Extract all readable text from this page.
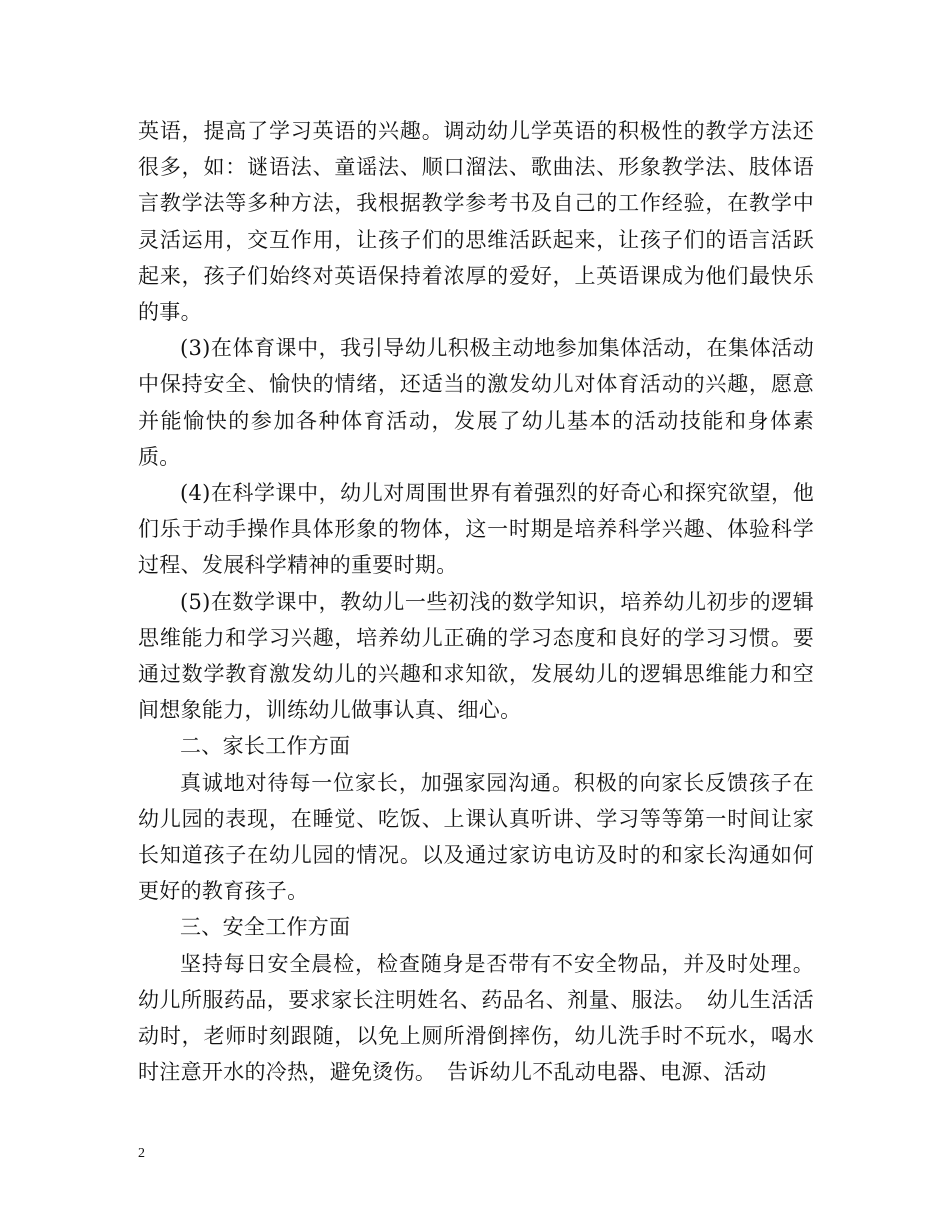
英语，提高了学习英语的兴趣。调动幼儿学英语的积极性的教学方法还很多，如：谜语法、童谣法、顺口溜法、歌曲法、形象教学法、肢体语言教学法等多种方法，我根据教学参考书及自己的工作经验，在教学中灵活运用，交互作用，让孩子们的思维活跃起来，让孩子们的语言活跃起来，孩子们始终对英语保持着浓厚的爱好，上英语课成为他们最快乐的事。

(3)在体育课中，我引导幼儿积极主动地参加集体活动，在集体活动中保持安全、愉快的情绪，还适当的激发幼儿对体育活动的兴趣，愿意并能愉快的参加各种体育活动，发展了幼儿基本的活动技能和身体素质。

(4)在科学课中，幼儿对周围世界有着强烈的好奇心和探究欲望，他们乐于动手操作具体形象的物体，这一时期是培养科学兴趣、体验科学过程、发展科学精神的重要时期。

(5)在数学课中，教幼儿一些初浅的数学知识，培养幼儿初步的逻辑思维能力和学习兴趣，培养幼儿正确的学习态度和良好的学习习惯。要通过数学教育激发幼儿的兴趣和求知欲，发展幼儿的逻辑思维能力和空间想象能力，训练幼儿做事认真、细心。

二、家长工作方面

真诚地对待每一位家长，加强家园沟通。积极的向家长反馈孩子在幼儿园的表现，在睡觉、吃饭、上课认真听讲、学习等等第一时间让家长知道孩子在幼儿园的情况。以及通过家访电访及时的和家长沟通如何更好的教育孩子。

三、安全工作方面

坚持每日安全晨检，检查随身是否带有不安全物品，并及时处理。幼儿所服药品，要求家长注明姓名、药品名、剂量、服法。　幼儿生活活动时，老师时刻跟随，以免上厕所滑倒摔伤，幼儿洗手时不玩水，喝水时注意开水的冷热，避免烫伤。　告诉幼儿不乱动电器、电源、活动

2
